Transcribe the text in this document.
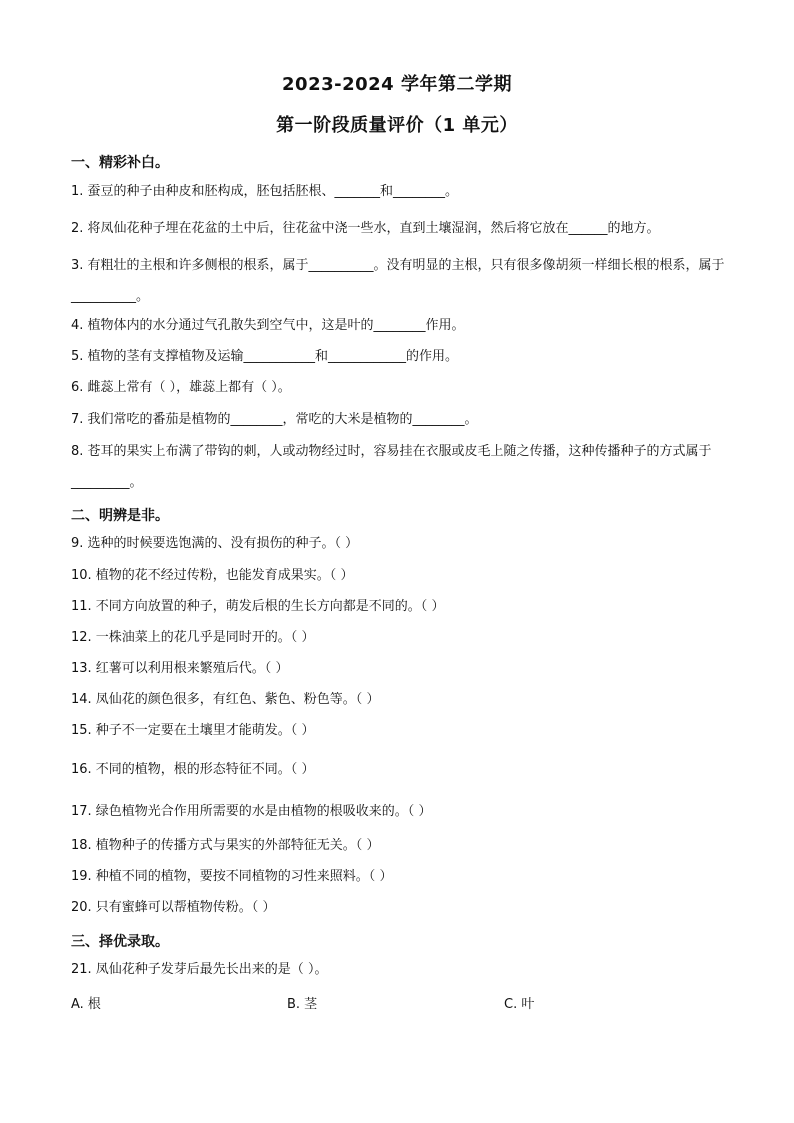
2023-2024 学年第二学期
第一阶段质量评价（1 单元）
一、精彩补白。
1. 蚕豆的种子由种皮和胚构成，胚包括胚根、_______和________。
2. 将凤仙花种子埋在花盆的土中后，往花盆中浇一些水，直到土壤湿润，然后将它放在______的地方。
3. 有粗壮的主根和许多侧根的根系，属于__________。没有明显的主根，只有很多像胡须一样细长根的根系，属于__________。
4. 植物体内的水分通过气孔散失到空气中，这是叶的________作用。
5. 植物的茎有支撑植物及运输___________和____________的作用。
6. 雌蕊上常有（ ），雄蕊上都有（ ）。
7. 我们常吃的番茄是植物的________，常吃的大米是植物的________。
8. 苍耳的果实上布满了带钩的刺，人或动物经过时，容易挂在衣服或皮毛上随之传播，这种传播种子的方式属于_________。
二、明辨是非。
9. 选种的时候要选饱满的、没有损伤的种子。（ ）
10. 植物的花不经过传粉，也能发育成果实。（ ）
11. 不同方向放置的种子，萌发后根的生长方向都是不同的。（ ）
12. 一株油菜上的花几乎是同时开的。（ ）
13. 红薯可以利用根来繁殖后代。（ ）
14. 凤仙花的颜色很多，有红色、紫色、粉色等。（ ）
15. 种子不一定要在土壤里才能萌发。（ ）
16. 不同的植物，根的形态特征不同。（ ）
17. 绿色植物光合作用所需要的水是由植物的根吸收来的。（ ）
18. 植物种子的传播方式与果实的外部特征无关。（ ）
19. 种植不同的植物，要按不同植物的习性来照料。（ ）
20. 只有蜜蜂可以帮植物传粉。（ ）
三、择优录取。
21. 凤仙花种子发芽后最先长出来的是（ ）。
A. 根	B. 茎	C. 叶
